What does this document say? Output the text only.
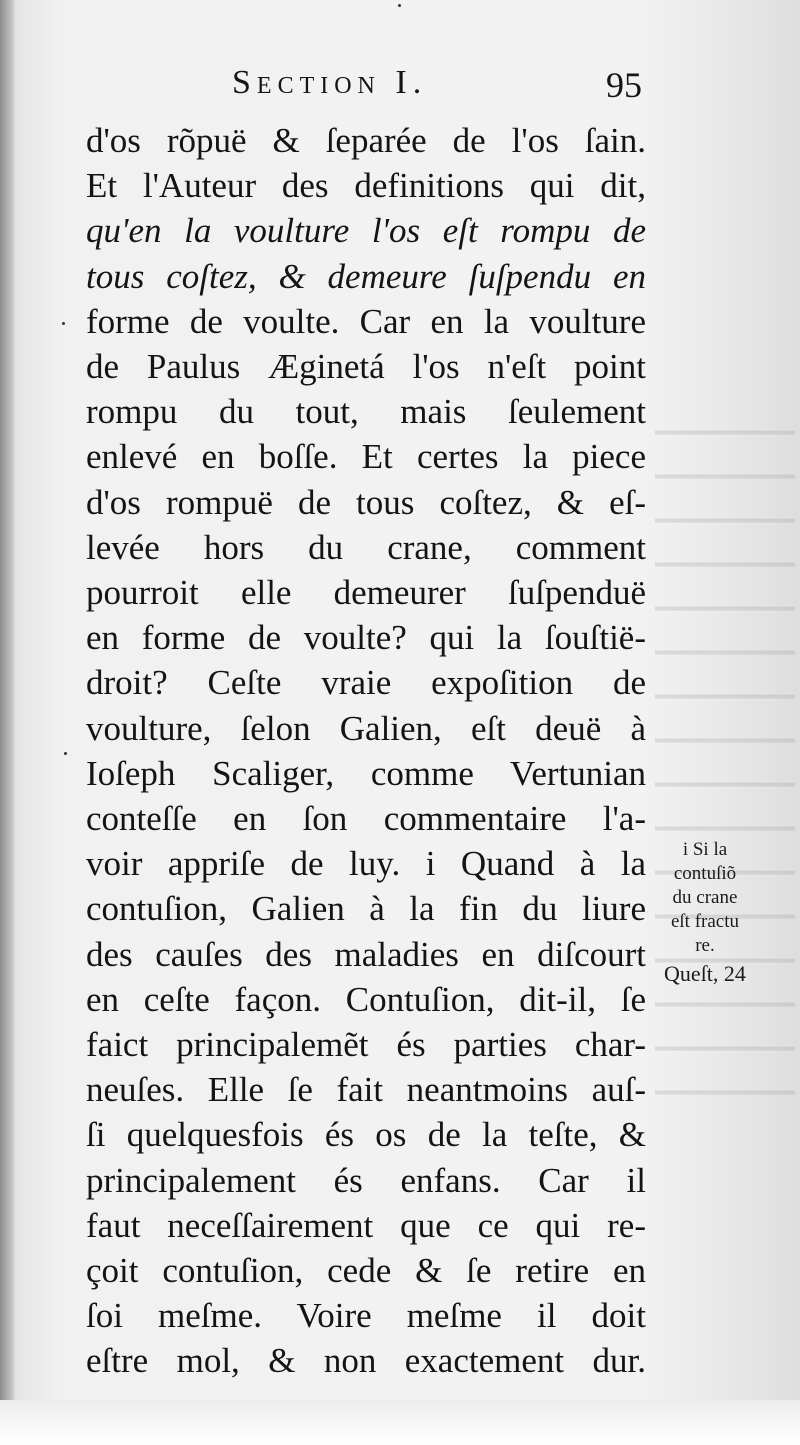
Section I.	95
d'os rõpuë & ſeparée de l'os ſain.
Et l'Auteur des definitions qui dit,
qu'en la voulture l'os eſt rompu de
tous coſtez, & demeure ſuſpendu en
forme de voulte. Car en la voulture
de Paulus Æginetá l'os n'eſt point
rompu du tout, mais ſeulement
enlevé en boſſe. Et certes la piece
d'os rompuë de tous coſtez, & eſ-
levée hors du crane, comment
pourroit elle demeurer ſuſpenduë
en forme de voulte? qui la ſouſtië-
droit? Ceſte vraie expoſition de
voulture, ſelon Galien, eſt deuë à
Ioſeph Scaliger, comme Vertunian
conteſſe en ſon commentaire l'a-
voir appriſe de luy. i Quand à la
contuſion, Galien à la fin du liure
des cauſes des maladies en diſcourt
en ceſte façon. Contuſion, dit-il, ſe
faict principalemẽt és parties char-
neuſes. Elle ſe fait neantmoins auſ-
ſi quelquesfois és os de la teſte, &
principalement és enfans. Car il
faut neceſſairement que ce qui re-
çoit contuſion, cede & ſe retire en
ſoi meſme. Voire meſme il doit
eſtre mol, & non exactement dur.
i Si la
contuſiõ
du crane
eſt fractu
re.
Queſt, 24
